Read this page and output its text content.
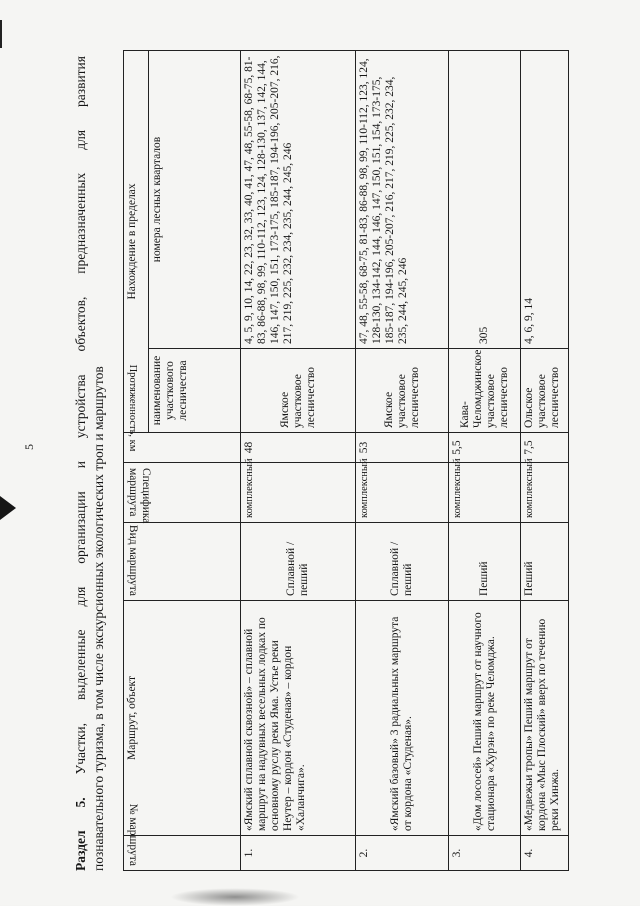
5
Раздел 5. Участки, выделенные для организации и устройства объектов, предназначенных для развития познавательного туризма, в том числе экскурсионных экологических троп и маршрутов № маршрута	Маршрут, объект	Вид маршрута	Специфика маршрута	Протяженность, км	Нахождение в пределах	
					наименование участкового лесничества	номера лесных кварталов
1.	«Ямский сплавной сквозной» – сплавной маршрут на надувных весельных лодках по основному руслу реки Яма. Устье реки Неутер – кордон «Студеная» – кордон «Халанчига».	Сплавной /пеший	комплексный	48	Ямское участковое лесничество	4, 5, 9, 10, 14, 22, 23, 32, 33, 40, 41, 47, 48, 55-58, 68-75, 81-83, 86-88, 98, 99, 110-112, 123, 124, 128-130, 137, 142, 144, 146, 147, 150, 151, 173-175, 185-187, 194-196, 205-207, 216, 217, 219, 225, 232, 234, 235, 244, 245, 246
2.	«Ямский базовый» 3 радиальных маршрута от кордона «Студеная».	Сплавной /пеший	комплексный	53	Ямское участковое лесничество	47, 48, 55-58, 68-75, 81-83, 86-88, 98, 99, 110-112, 123, 124, 128-130, 134-142, 144, 146, 147, 150, 151, 154, 173-175, 185-187, 194-196, 205-207, 216, 217, 219, 225, 232, 234, 235, 244, 245, 246
3.	«Дом лососей» Пеший маршрут от научного стационара «Хурэн» по реке Челомджа.	Пеший	комплексный	5,5	Кава-Челомджинское участковое лесничество	305
4.	«Медвежьи тропы» Пеший маршрут от кордона «Мыс Плоский» вверх по течению реки Хинжа.	Пеший	комплексный	7,5	Ольское участковое лесничество	4, 6, 9, 14
